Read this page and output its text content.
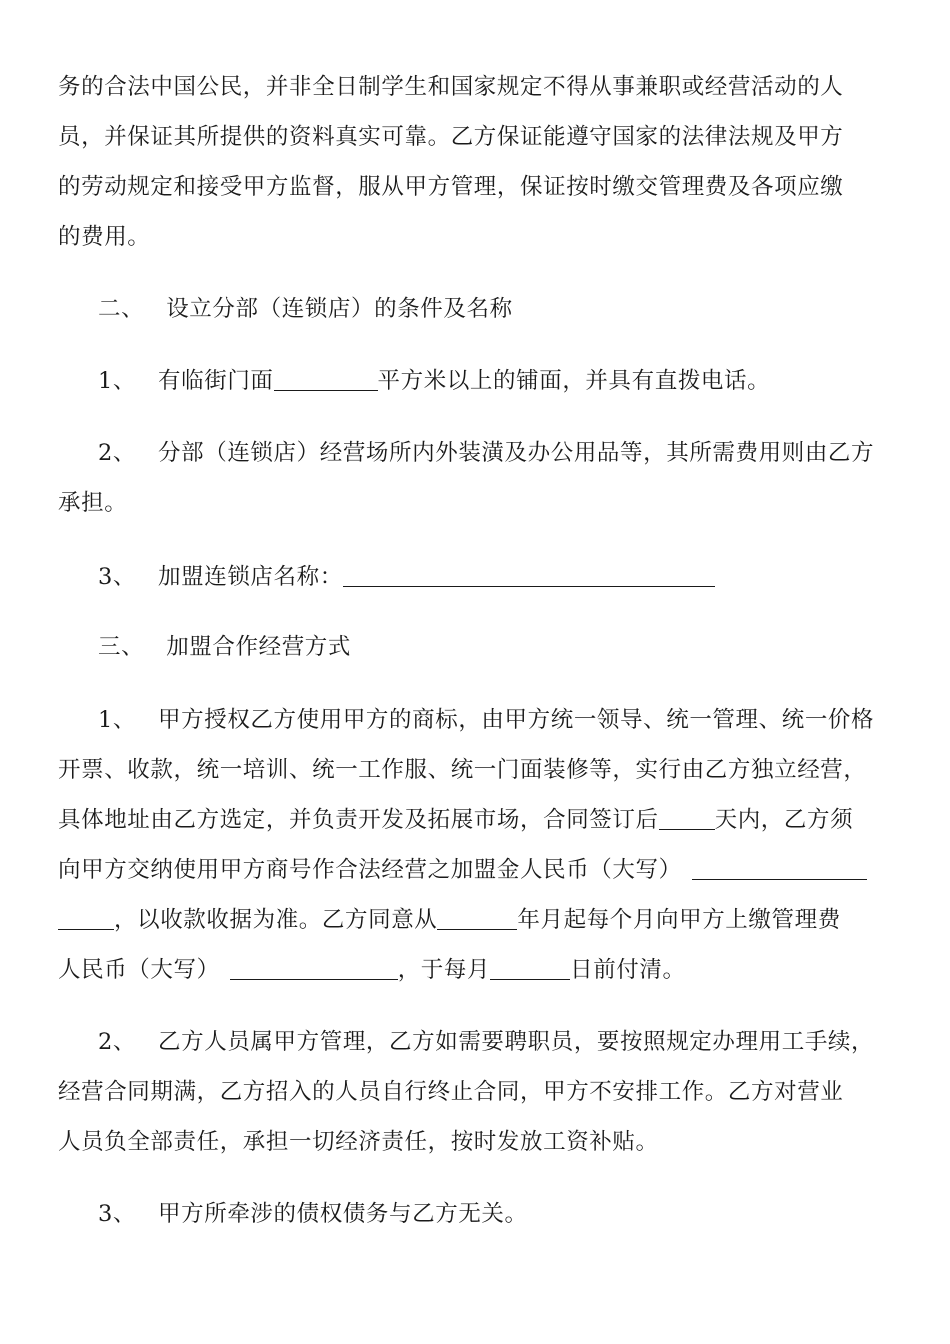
务的合法中国公民，并非全日制学生和国家规定不得从事兼职或经营活动的人
员，并保证其所提供的资料真实可靠。乙方保证能遵守国家的法律法规及甲方
的劳动规定和接受甲方监督，服从甲方管理，保证按时缴交管理费及各项应缴
的费用。
二、 设立分部（连锁店）的条件及名称
1、 有临街门面	平方米以上的铺面，并具有直拨电话。
2、 分部（连锁店）经营场所内外装潢及办公用品等，其所需费用则由乙方
承担。
3、 加盟连锁店名称：
三、 加盟合作经营方式
1、 甲方授权乙方使用甲方的商标，由甲方统一领导、统一管理、统一价格
开票、收款，统一培训、统一工作服、统一门面装修等，实行由乙方独立经营，
具体地址由乙方选定，并负责开发及拓展市场，合同签订后 天内，乙方须
向甲方交纳使用甲方商号作合法经营之加盟金人民币（大写）
，以收款收据为准。乙方同意从	年月起每个月向甲方上缴管理费
人民币（大写）	，于每月	日前付清。
2、 乙方人员属甲方管理，乙方如需要聘职员，要按照规定办理用工手续，
经营合同期满，乙方招入的人员自行终止合同，甲方不安排工作。乙方对营业
人员负全部责任，承担一切经济责任，按时发放工资补贴。
3、 甲方所牵涉的债权债务与乙方无关。
